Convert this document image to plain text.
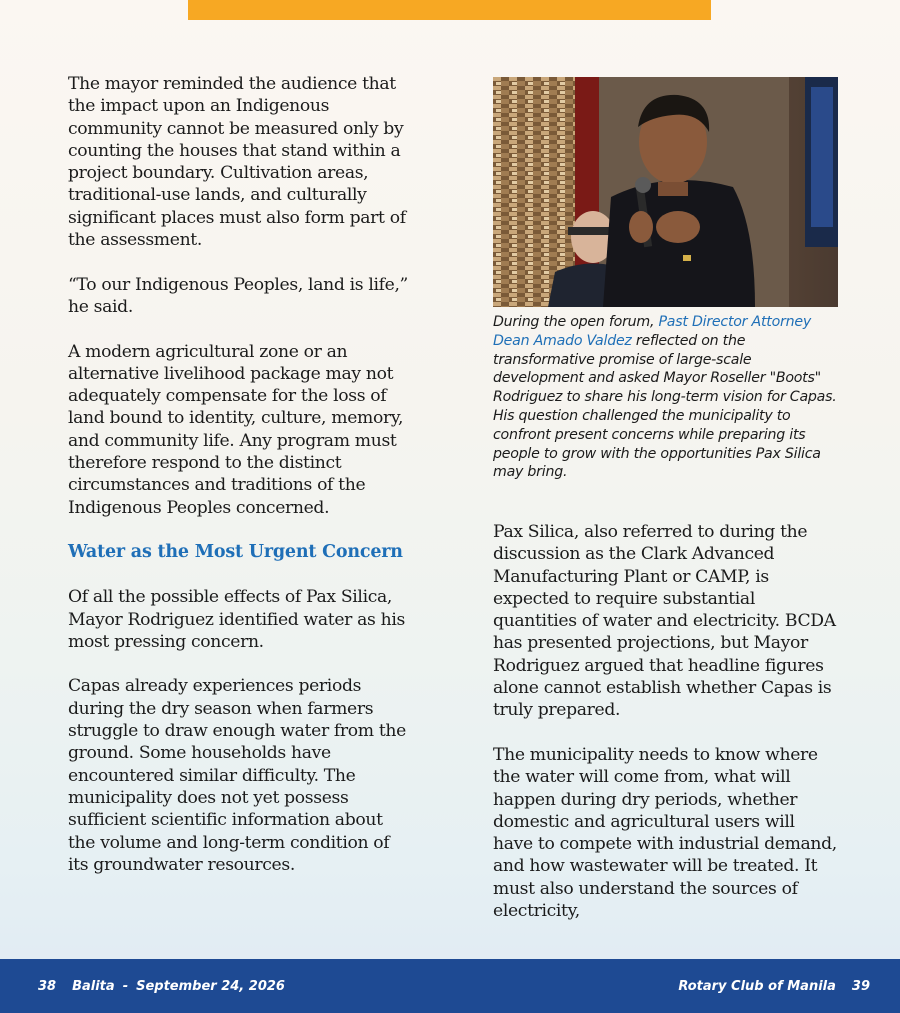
The mayor reminded the audience that the impact upon an Indigenous community cannot be measured only by counting the houses that stand within a project boundary. Cultivation areas, traditional-use lands, and culturally significant places must also form part of the assessment.

“To our Indigenous Peoples, land is life,” he said.

A modern agricultural zone or an alternative livelihood package may not adequately compensate for the loss of land bound to identity, culture, memory, and community life. Any program must therefore respond to the distinct circumstances and traditions of the Indigenous Peoples concerned.

Water as the Most Urgent Concern

Of all the possible effects of Pax Silica, Mayor Rodriguez identified water as his most pressing concern.

Capas already experiences periods during the dry season when farmers struggle to draw enough water from the ground. Some households have encountered similar difficulty. The municipality does not yet possess sufficient scientific information about the volume and long-term condition of its groundwater resources.

During the open forum, Past Director Attorney Dean Amado Valdez reflected on the transformative promise of large-scale development and asked Mayor Roseller "Boots" Rodriguez to share his long-term vision for Capas. His question challenged the municipality to confront present concerns while preparing its people to grow with the opportunities Pax Silica may bring.

Pax Silica, also referred to during the discussion as the Clark Advanced Manufacturing Plant or CAMP, is expected to require substantial quantities of water and electricity. BCDA has presented projections, but Mayor Rodriguez argued that headline figures alone cannot establish whether Capas is truly prepared.

The municipality needs to know where the water will come from, what will happen during dry periods, whether domestic and agricultural users will have to compete with industrial demand, and how wastewater will be treated. It must also understand the sources of electricity,

38 Balita - September 24, 2026	Rotary Club of Manila 39
